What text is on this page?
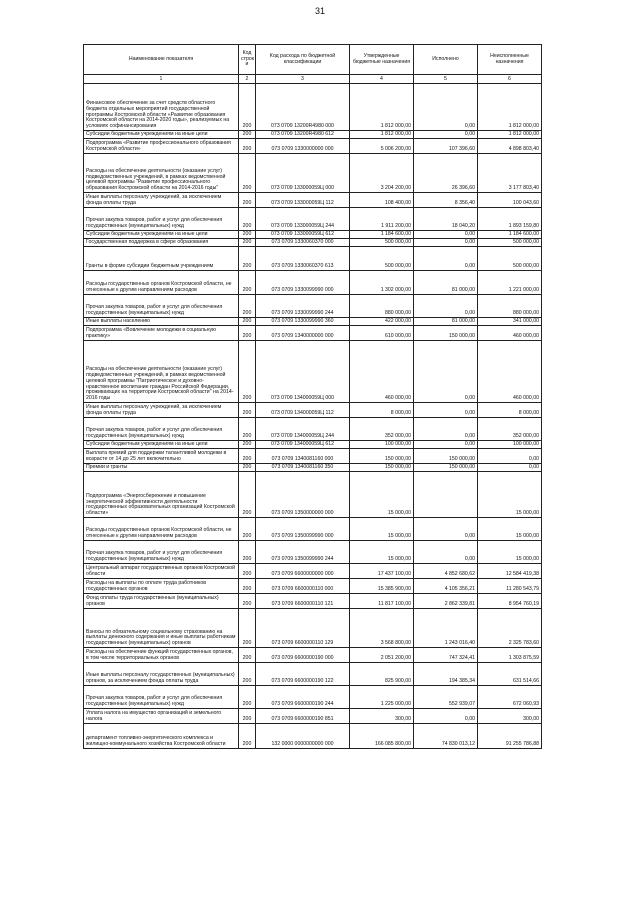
31
Наименование показателя	Код строк и	Код расхода по бюджетной классификации	Утвержденные бюджетные назначения	Исполнено	Неисполненные назначения
1	2	3	4	5	6
Финансовое обеспечение за счет средств областного бюджета отдельных мероприятий государственной программы Костромской области «Развитие образования Костромской области на 2014-2020 годы», реализуемых на условиях софинансирования	200	073 0709 13200R4980 000	1 812 000,00	0,00	1 812 000,00
Субсидии бюджетным учреждениям на иные цели	200	073 0709 13200R4980 612	1 812 000,00	0,00	1 812 000,00
Подпрограмма «Развитие профессионального образования Костромской области»	200	073 0709 1330000000 000	5 006 200,00	107 396,60	4 898 803,40
Расходы на обеспечение деятельности (оказание услуг) подведомственных учреждений, в рамках ведомственной целевой программы "Развитие профессионального образования Костромской области на 2014-2016 годы"	200	073 0709 133000059Ц 000	3 204 200,00	26 396,60	3 177 803,40
Иные выплаты персоналу учреждений, за исключением фонда оплаты труда	200	073 0709 133000059Ц 112	108 400,00	8 356,40	100 043,60
Прочая закупка товаров, работ и услуг для обеспечения государственных (муниципальных) нужд	200	073 0709 133000059Ц 244	1 911 200,00	18 040,20	1 893 159,80
Субсидии бюджетным учреждениям на иные цели	200	073 0709 133000059Ц 612	1 184 600,00	0,00	1 184 600,00
Государственная поддержка в сфере образования	200	073 0709 1330060370 000	500 000,00	0,00	500 000,00
Гранты в форме субсидии бюджетным учреждениям	200	073 0709 1330060370 613	500 000,00	0,00	500 000,00
Расходы государственных органов Костромской области, не отнесенные к другим направлениям расходов	200	073 0709 1330099990 000	1 302 000,00	81 000,00	1 221 000,00
Прочая закупка товаров, работ и услуг для обеспечения государственных (муниципальных) нужд	200	073 0709 1330099990 244	880 000,00	0,00	880 000,00
Иные выплаты населению	200	073 0709 1330099990 360	422 000,00	81 000,00	341 000,00
Подпрограмма «Вовлечение молодежи в социальную практику»	200	073 0709 1340000000 000	610 000,00	150 000,00	460 000,00
Расходы на обеспечение деятельности (оказание услуг) подведомственных учреждений, в рамках ведомственной целевой программы "Патриотическое и духовно-нравственное воспитание граждан Российской Федерации, проживающих на территории Костромской области" на 2014-2016 годы	200	073 0709 134000059Ц 000	460 000,00	0,00	460 000,00
Иные выплаты персоналу учреждений, за исключением фонда оплаты труда	200	073 0709 134000059Ц 112	8 000,00	0,00	8 000,00
Прочая закупка товаров, работ и услуг для обеспечения государственных (муниципальных) нужд	200	073 0709 134000059Ц 244	352 000,00	0,00	352 000,00
Субсидии бюджетным учреждениям на иные цели	200	073 0709 134000059Ц 612	100 000,00	0,00	100 000,00
Выплата премий для поддержки талантливой молодежи в возрасте от 14 до 25 лет включительно	200	073 0709 1340081160 000	150 000,00	150 000,00	0,00
Премии и гранты	200	073 0709 1340081160 350	150 000,00	150 000,00	0,00
Подпрограмма «Энергосбережение и повышение энергетической эффективности деятельности государственных образовательных организаций Костромской области»	200	073 0709 1350000000 000	15 000,00		15 000,00
Расходы государственных органов Костромской области, не отнесенные к другим направлениям расходов	200	073 0709 1350099990 000	15 000,00	0,00	15 000,00
Прочая закупка товаров, работ и услуг для обеспечения государственных (муниципальных) нужд	200	073 0709 1350099990 244	15 000,00	0,00	15 000,00
Центральный аппарат государственных органов Костромской области	200	073 0709 6600000000 000	17 437 100,00	4 852 680,62	12 584 419,38
Расходы на выплаты по оплате труда работников государственных органов	200	073 0709 6600000110 000	15 385 900,00	4 105 356,21	11 280 543,79
Фонд оплаты труда государственных (муниципальных) органов	200	073 0709 6600000110 121	11 817 100,00	2 862 339,81	8 954 760,19
Взносы по обязательному социальному страхованию на выплаты денежного содержания и иные выплаты работникам государственных (муниципальных) органов	200	073 0709 6600000110 129	3 568 800,00	1 243 016,40	2 325 783,60
Расходы на обеспечение функций государственных органов, в том числе территориальных органов	200	073 0709 6600000190 000	2 051 200,00	747 324,41	1 303 875,59
Иные выплаты персоналу государственных (муниципальных) органов, за исключением фонда оплаты труда	200	073 0709 6600000190 122	825 900,00	194 385,34	631 514,66
Прочая закупка товаров, работ и услуг для обеспечения государственных (муниципальных) нужд	200	073 0709 6600000190 244	1 225 000,00	552 939,07	672 060,93
Уплата налога на имущество организаций и земельного налога	200	073 0709 6600000190 851	300,00	0,00	300,00
департамент топливно-энергетического комплекса и жилищно-коммунального хозяйства Костромской области	200	132 0000 0000000000 000	166 085 800,00	74 830 013,12	91 255 786,88
